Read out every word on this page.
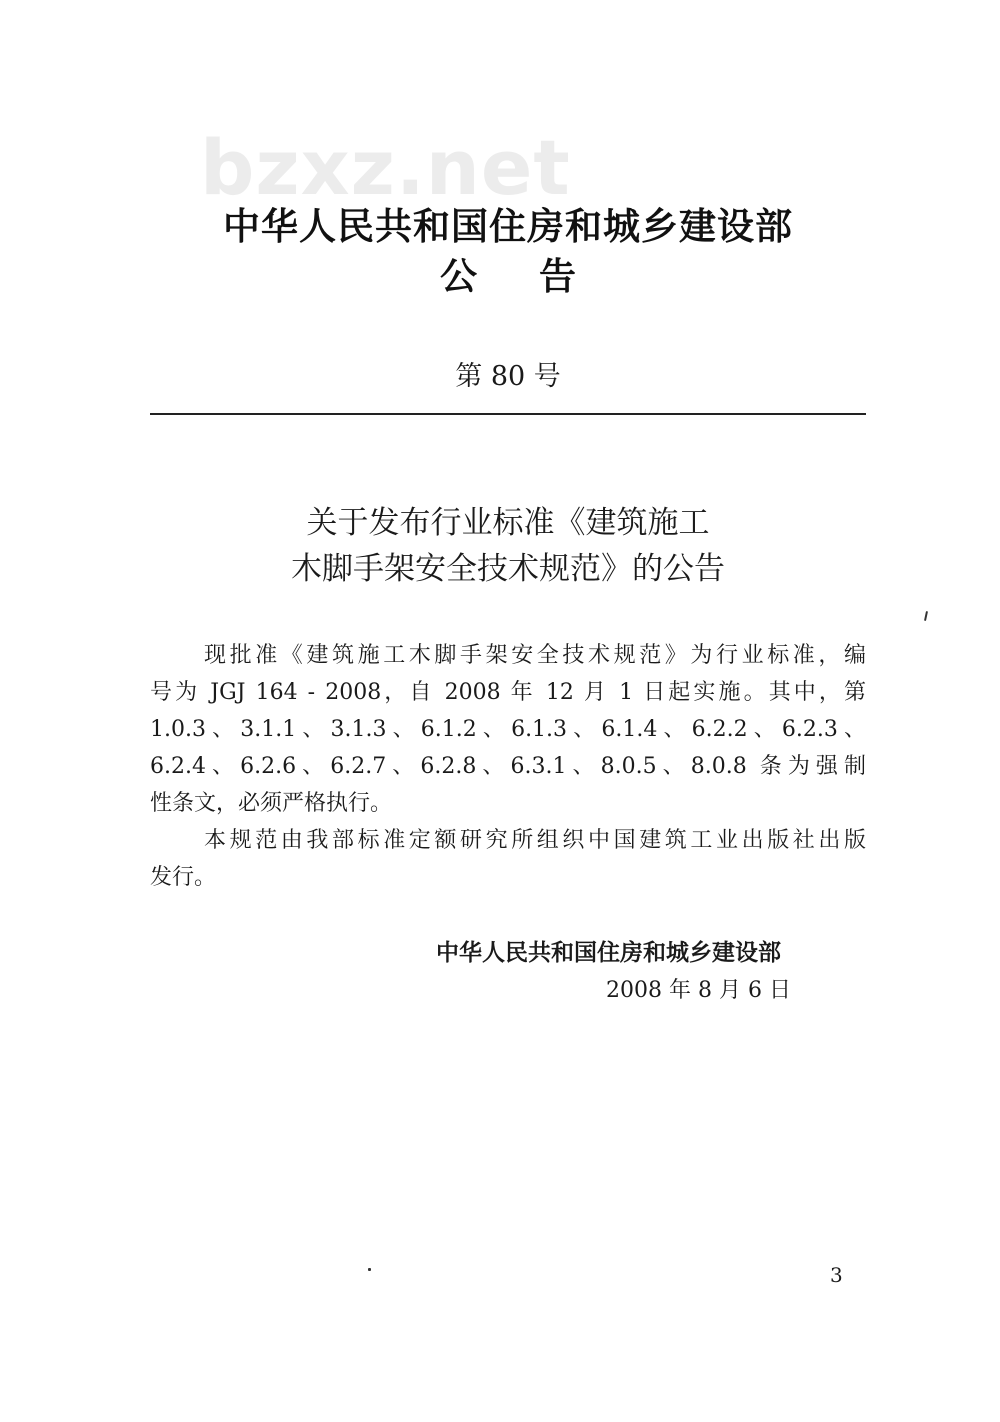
bzxz.net
中华人民共和国住房和城乡建设部
公告
第 80 号
关于发布行业标准《建筑施工
木脚手架安全技术规范》的公告
现批准《建筑施工木脚手架安全技术规范》为行业标准，编
号为 JGJ 164 - 2008，自 2008 年 12 月 1 日起实施。其中，第
1.0.3、3.1.1、3.1.3、6.1.2、6.1.3、6.1.4、6.2.2、6.2.3、
6.2.4、6.2.6、6.2.7、6.2.8、6.3.1、8.0.5、8.0.8 条为强制
性条文，必须严格执行。
本规范由我部标准定额研究所组织中国建筑工业出版社出版
发行。
中华人民共和国住房和城乡建设部
2008 年 8 月 6 日
3
